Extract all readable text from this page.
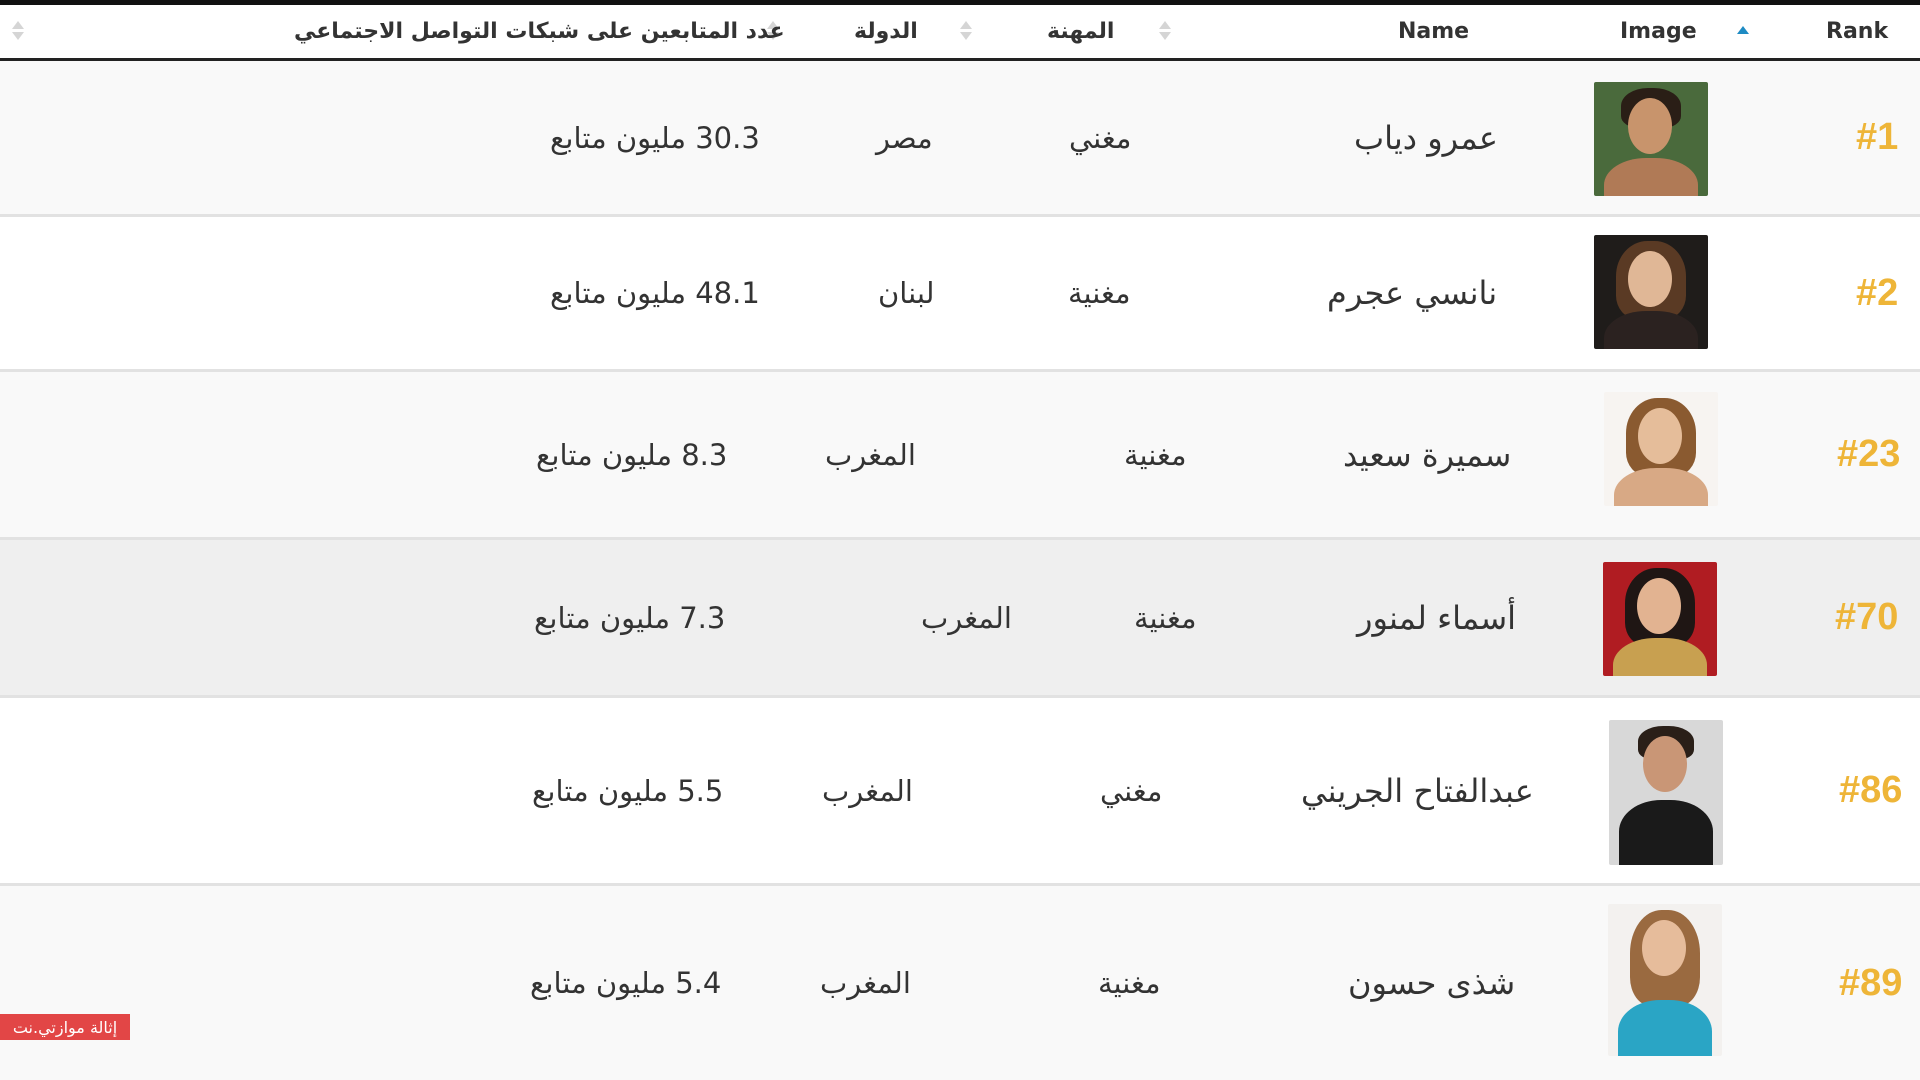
Rank
Image
Name
المهنة
الدولة
عدد المتابعين على شبكات التواصل الاجتماعي
#1
عمرو دياب
مغني
مصر
30.3 مليون متابع
#2
نانسي عجرم
مغنية
لبنان
48.1 مليون متابع
#23
سميرة سعيد
مغنية
المغرب
8.3 مليون متابع
#70
أسماء لمنور
مغنية
المغرب
7.3 مليون متابع
#86
عبدالفتاح الجريني
مغني
المغرب
5.5 مليون متابع
#89
شذى حسون
مغنية
المغرب
5.4 مليون متابع
إثالة موازتي.نت
